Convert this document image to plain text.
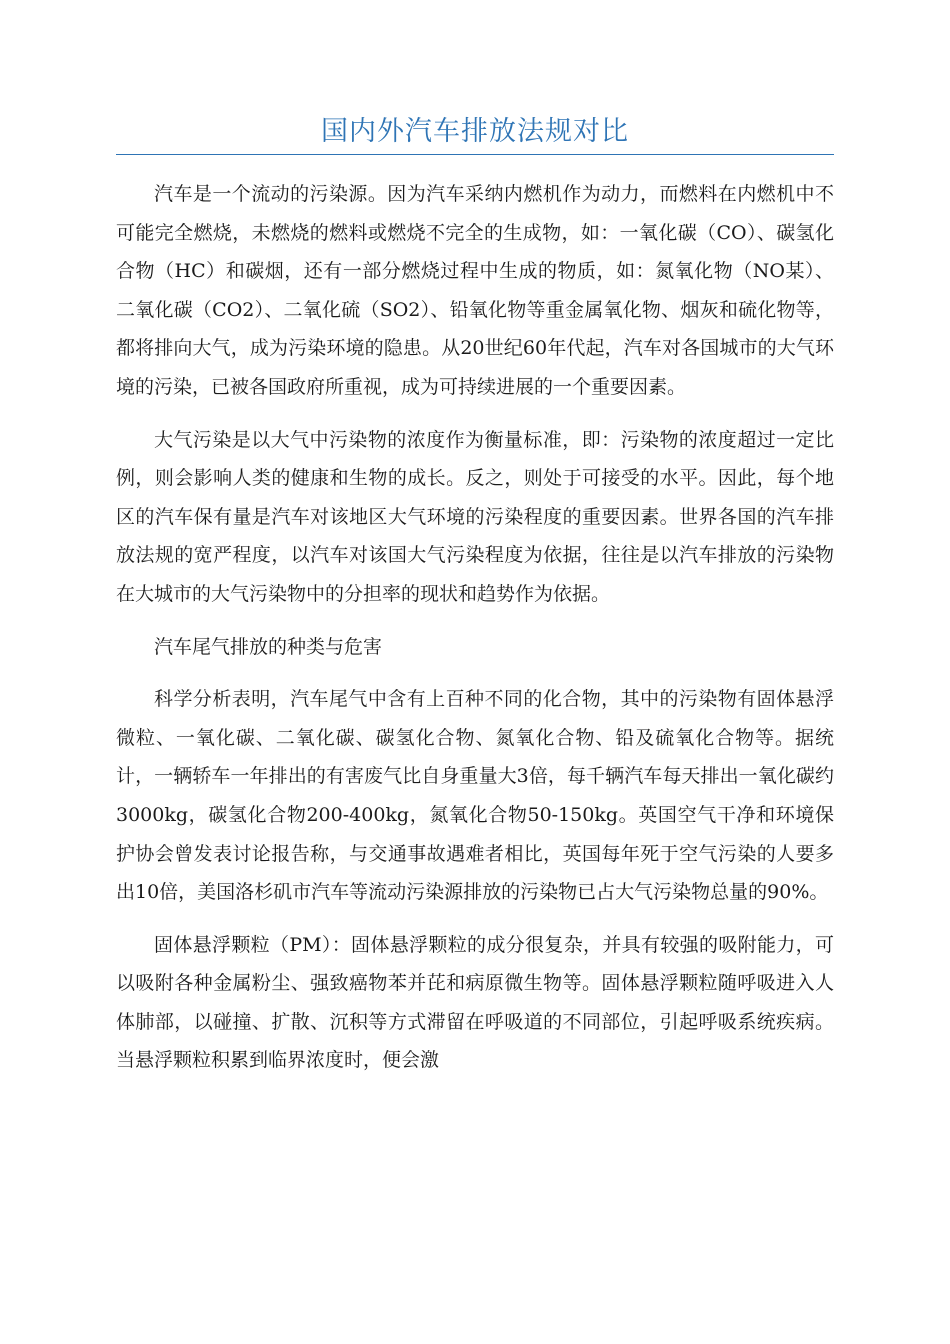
国内外汽车排放法规对比

汽车是一个流动的污染源。因为汽车采纳内燃机作为动力，而燃料在内燃机中不可能完全燃烧，未燃烧的燃料或燃烧不完全的生成物，如：一氧化碳（CO）、碳氢化合物（HC）和碳烟，还有一部分燃烧过程中生成的物质，如：氮氧化物（NO某）、二氧化碳（CO2）、二氧化硫（SO2）、铅氧化物等重金属氧化物、烟灰和硫化物等，都将排向大气，成为污染环境的隐患。从20世纪60年代起，汽车对各国城市的大气环境的污染，已被各国政府所重视，成为可持续进展的一个重要因素。

大气污染是以大气中污染物的浓度作为衡量标准，即：污染物的浓度超过一定比例，则会影响人类的健康和生物的成长。反之，则处于可接受的水平。因此，每个地区的汽车保有量是汽车对该地区大气环境的污染程度的重要因素。世界各国的汽车排放法规的宽严程度，以汽车对该国大气污染程度为依据，往往是以汽车排放的污染物在大城市的大气污染物中的分担率的现状和趋势作为依据。

汽车尾气排放的种类与危害

科学分析表明，汽车尾气中含有上百种不同的化合物，其中的污染物有固体悬浮微粒、一氧化碳、二氧化碳、碳氢化合物、氮氧化合物、铅及硫氧化合物等。据统计，一辆轿车一年排出的有害废气比自身重量大3倍，每千辆汽车每天排出一氧化碳约3000kg，碳氢化合物200-400kg，氮氧化合物50-150kg。英国空气干净和环境保护协会曾发表讨论报告称，与交通事故遇难者相比，英国每年死于空气污染的人要多出10倍，美国洛杉矶市汽车等流动污染源排放的污染物已占大气污染物总量的90%。

固体悬浮颗粒（PM）：固体悬浮颗粒的成分很复杂，并具有较强的吸附能力，可以吸附各种金属粉尘、强致癌物苯并芘和病原微生物等。固体悬浮颗粒随呼吸进入人体肺部，以碰撞、扩散、沉积等方式滞留在呼吸道的不同部位，引起呼吸系统疾病。当悬浮颗粒积累到临界浓度时，便会激
